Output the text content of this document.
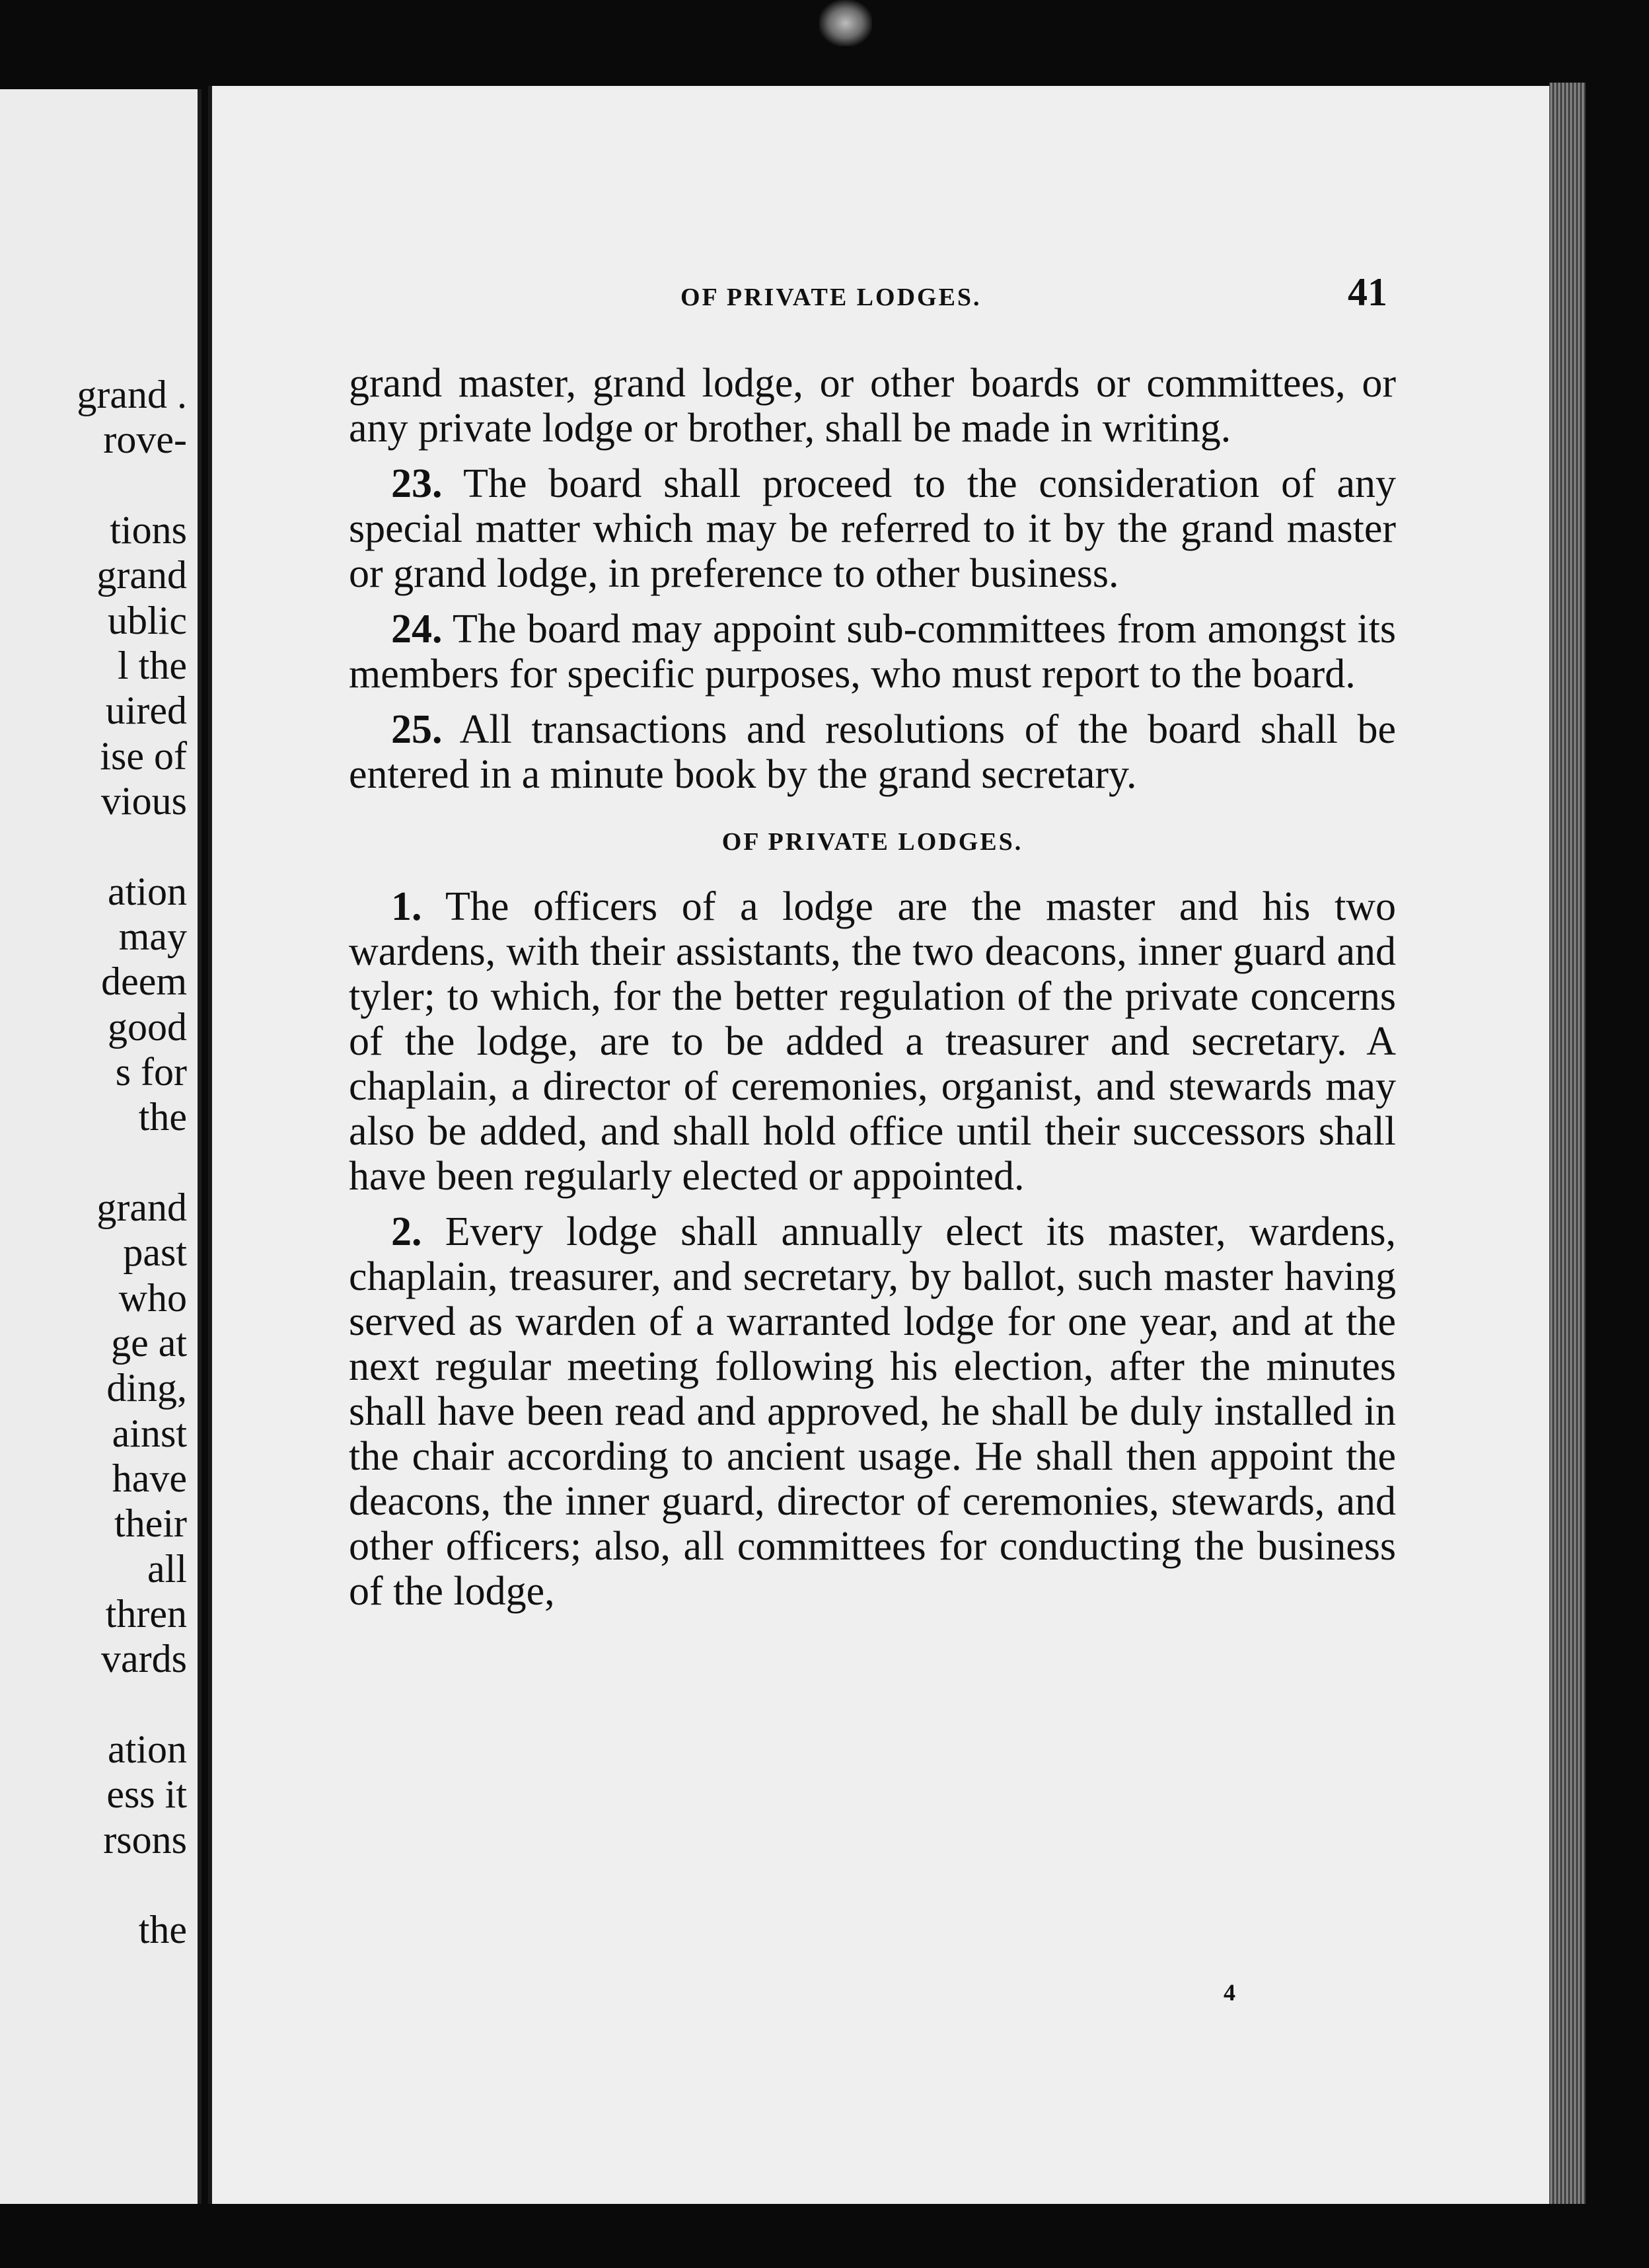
grand .
rove-
tions
grand
ublic
l the
uired
ise of
vious
ation
may
deem
good
s for
the
grand
past
who
ge at
ding,
ainst
have
their
all
thren
vards
ation
ess it
rsons
the
OF PRIVATE LODGES.	41

grand master, grand lodge, or other boards or committees, or any private lodge or brother, shall be made in writing.

23. The board shall proceed to the consideration of any special matter which may be referred to it by the grand master or grand lodge, in preference to other business.

24. The board may appoint sub-committees from amongst its members for specific purposes, who must report to the board.

25. All transactions and resolutions of the board shall be entered in a minute book by the grand secretary.

OF PRIVATE LODGES.

1. The officers of a lodge are the master and his two wardens, with their assistants, the two deacons, inner guard and tyler; to which, for the better regulation of the private concerns of the lodge, are to be added a treasurer and secretary. A chaplain, a director of ceremonies, organist, and stewards may also be added, and shall hold office until their successors shall have been regularly elected or appointed.

2. Every lodge shall annually elect its master, wardens, chaplain, treasurer, and secretary, by ballot, such master having served as warden of a warranted lodge for one year, and at the next regular meeting following his election, after the minutes shall have been read and approved, he shall be duly installed in the chair according to ancient usage. He shall then appoint the deacons, the inner guard, director of ceremonies, stewards, and other officers; also, all committees for conducting the business of the lodge,

4
